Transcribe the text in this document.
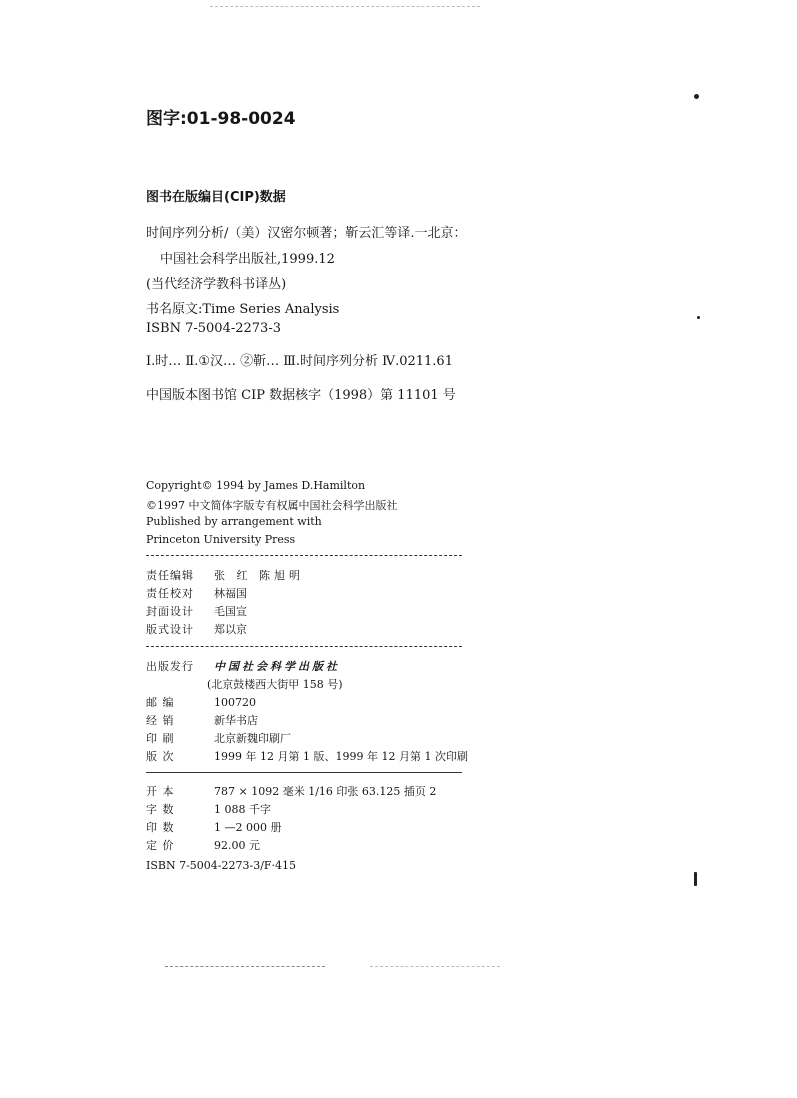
图字:01-98-0024
图书在版编目(CIP)数据
时间序列分析/（美）汉密尔顿著；靳云汇等译.一北京：
中国社会科学出版社,1999.12
(当代经济学教科书译丛)
书名原文:Time Series Analysis
ISBN 7-5004-2273-3
Ⅰ.时… Ⅱ.①汉… ②靳… Ⅲ.时间序列分析 Ⅳ.0211.61
中国版本图书馆 CIP 数据核字（1998）第 11101 号
Copyright© 1994 by James D.Hamilton
©1997 中文简体字版专有权属中国社会科学出版社
Published by arrangement with
Princeton University Press
责任编辑 张 红 陈旭明
责任校对 林福国
封面设计 毛国宣
版式设计 郑以京
出版发行 中国社会科学出版社
(北京鼓楼西大街甲 158 号)
邮 编	100720
经 销	新华书店
印 刷	北京新魏印刷厂
版 次	1999 年 12 月第 1 版、1999 年 12 月第 1 次印刷
开 本	787 × 1092 毫米 1/16 印张 63.125 插页 2
字 数	1 088 千字
印 数	1 —2 000 册
定 价	92.00 元
ISBN 7-5004-2273-3/F·415
